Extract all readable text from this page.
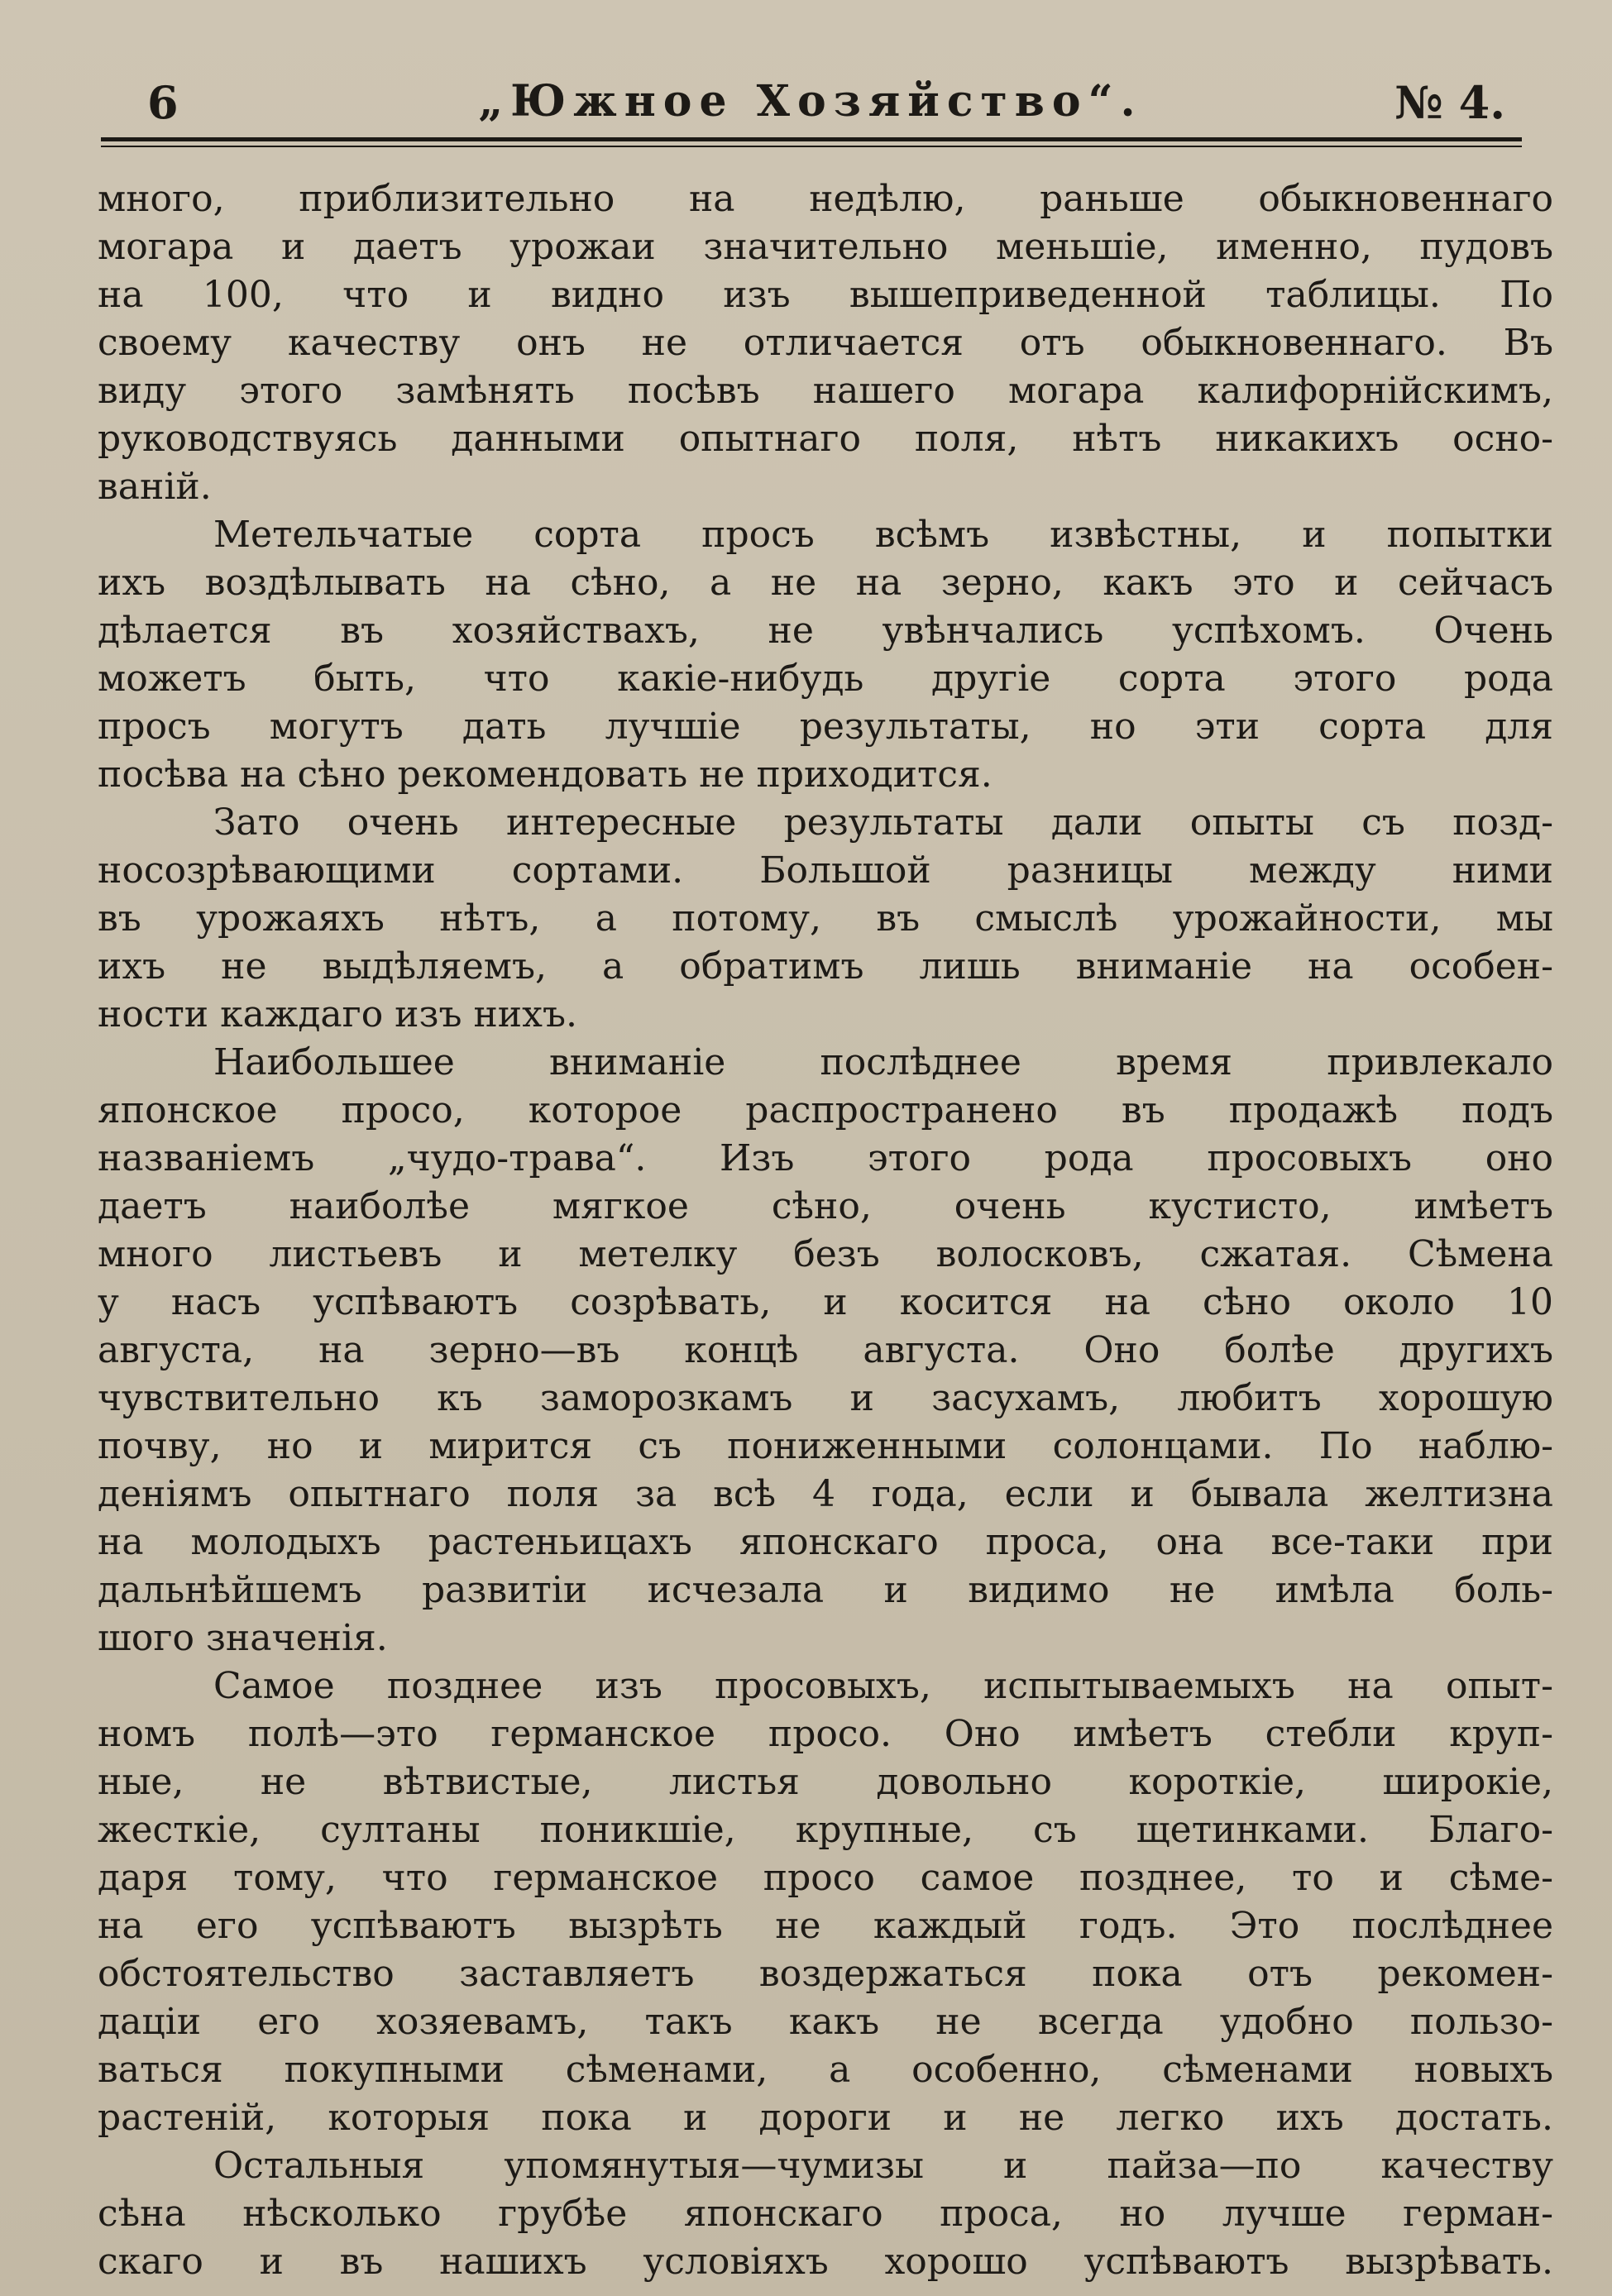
6	„Южное Хозяйство“.	№ 4.
много, приблизительно на недѣлю, раньше обыкновеннаго
могара и даетъ урожаи значительно меньшіе, именно, пудовъ
на 100, что и видно изъ вышеприведенной таблицы. По
своему качеству онъ не отличается отъ обыкновеннаго. Въ
виду этого замѣнять посѣвъ нашего могара калифорнійскимъ,
руководствуясь данными опытнаго поля, нѣтъ никакихъ осно-
ваній.
Метельчатые сорта просъ всѣмъ извѣстны, и попытки
ихъ воздѣлывать на сѣно, а не на зерно, какъ это и сейчасъ
дѣлается въ хозяйствахъ, не увѣнчались успѣхомъ. Очень
можетъ быть, что какіе-нибудь другіе сорта этого рода
просъ могутъ дать лучшіе результаты, но эти сорта для
посѣва на сѣно рекомендовать не приходится.
Зато очень интересные результаты дали опыты съ позд-
носозрѣвающими сортами. Большой разницы между ними
въ урожаяхъ нѣтъ, а потому, въ смыслѣ урожайности, мы
ихъ не выдѣляемъ, а обратимъ лишь вниманіе на особен-
ности каждаго изъ нихъ.
Наибольшее вниманіе послѣднее время привлекало
японское просо, которое распространено въ продажѣ подъ
названіемъ „чудо-трава“. Изъ этого рода просовыхъ оно
даетъ наиболѣе мягкое сѣно, очень кустисто, имѣетъ
много листьевъ и метелку безъ волосковъ, сжатая. Сѣмена
у насъ успѣваютъ созрѣвать, и косится на сѣно около 10
августа, на зерно—въ концѣ августа. Оно болѣе другихъ
чувствительно къ заморозкамъ и засухамъ, любитъ хорошую
почву, но и мирится съ пониженными солонцами. По наблю-
деніямъ опытнаго поля за всѣ 4 года, если и бывала желтизна
на молодыхъ растеньицахъ японскаго проса, она все-таки при
дальнѣйшемъ развитіи исчезала и видимо не имѣла боль-
шого значенія.
Самое позднее изъ просовыхъ, испытываемыхъ на опыт-
номъ полѣ—это германское просо. Оно имѣетъ стебли круп-
ные, не вѣтвистые, листья довольно короткіе, широкіе,
жесткіе, султаны поникшіе, крупные, съ щетинками. Благо-
даря тому, что германское просо самое позднее, то и сѣме-
на его успѣваютъ вызрѣть не каждый годъ. Это послѣднее
обстоятельство заставляетъ воздержаться пока отъ рекомен-
даціи его хозяевамъ, такъ какъ не всегда удобно пользо-
ваться покупными сѣменами, а особенно, сѣменами новыхъ
растеній, которыя пока и дороги и не легко ихъ достать.
Остальныя упомянутыя—чумизы и пайза—по качеству
сѣна нѣсколько грубѣе японскаго проса, но лучше герман-
скаго и въ нашихъ условіяхъ хорошо успѣваютъ вызрѣвать.
